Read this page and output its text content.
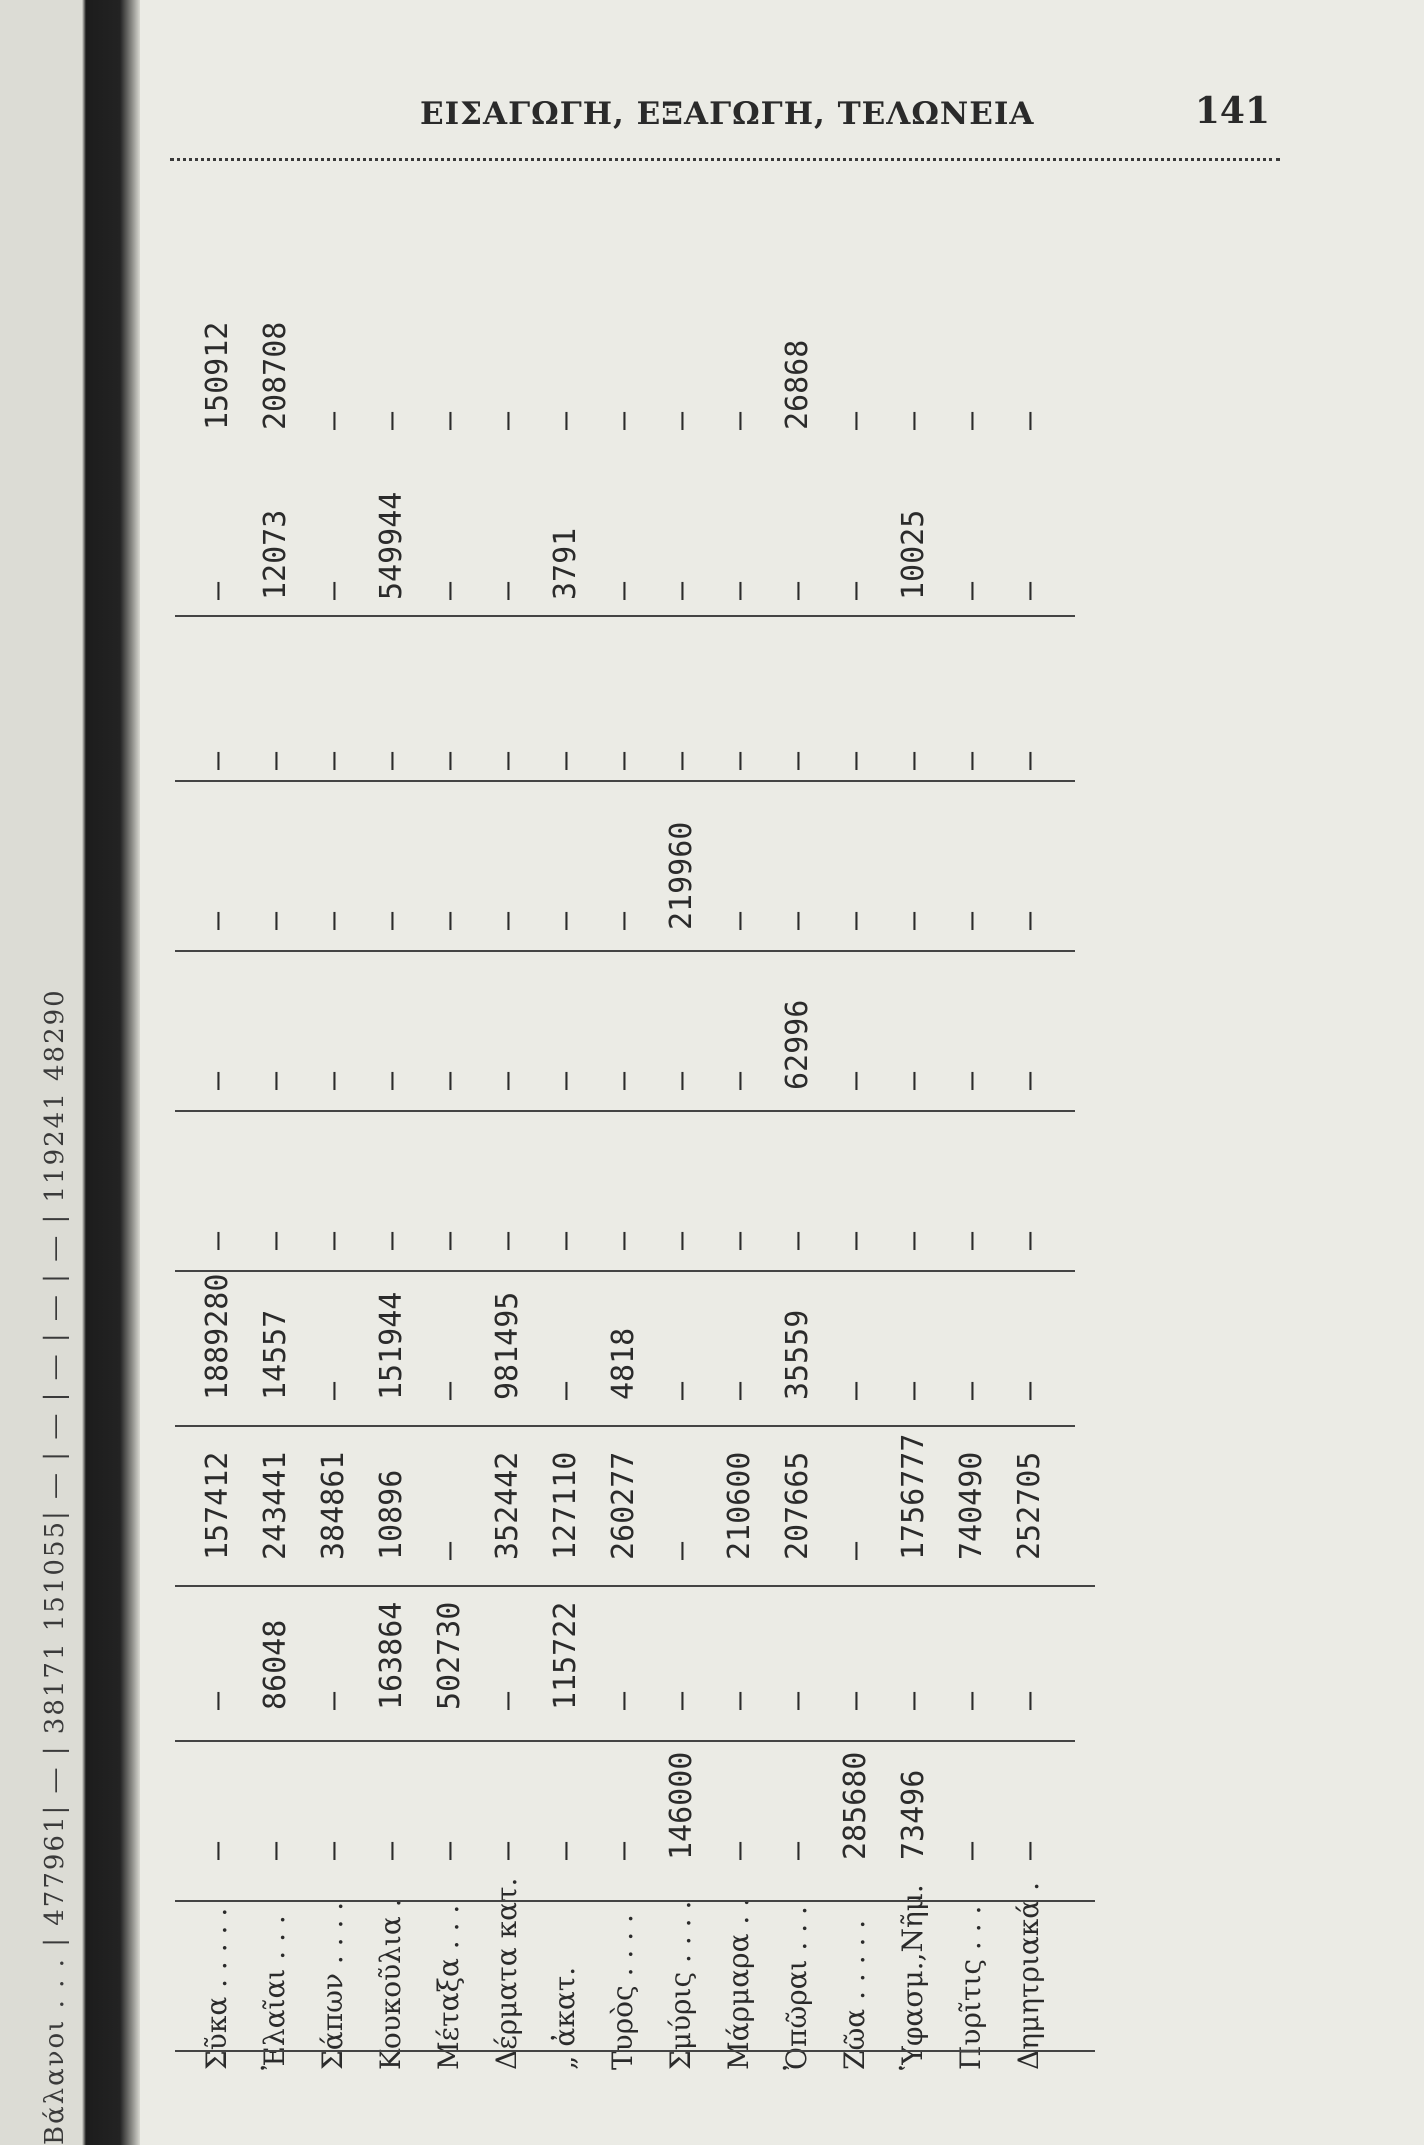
Βάλανοι . . . | 477961| — | 38171 151055| — | — | — | — | — | 119241 48290
ΕΙΣΑΓΩΓΗ, ΕΞΑΓΩΓΗ, ΤΕΛΩΝΕΙΑ	141
Σῦκα . . . . .
—
—
157412
1889280
—
—
—
—
—
150912
Ἐλαῖαι . . .
—
86048
243441
14557
—
—
—
—
12073
208708
Σάπων . . . .
—
—
384861
—
—
—
—
—
—
—
Κουκοῦλια .
—
163864
10896
151944
—
—
—
—
549944
—
Μέταξα . . .
—
502730
—
—
—
—
—
—
—
—
Δέρματα κατ.
—
—
352442
981495
—
—
—
—
—
—
„ ἀκατ.
—
115722
127110
—
—
—
—
—
3791
—
Τυρὸς . . . .
—
—
260277
4818
—
—
—
—
—
—
Σμύρις . . . .
146000
—
—
—
—
—
219960
—
—
—
Μάρμαρα . .
—
—
210600
—
—
—
—
—
—
—
Ὀπῶραι . . .
—
—
207665
35559
—
62996
—
—
—
26868
Ζῶα . . . . .
285680
—
—
—
—
—
—
—
—
—
Ὑφασμ.,Νῆμ.
73496
—
1756777
—
—
—
—
—
10025
—
Πυρῖτις . . .
—
—
740490
—
—
—
—
—
—
—
Δημητριακά .
—
—
252705
—
—
—
—
—
—
—
